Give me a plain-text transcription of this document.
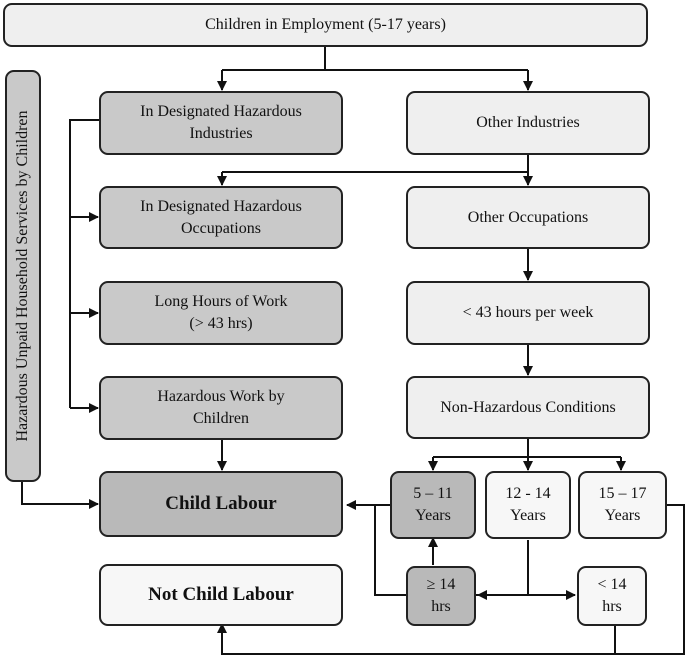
Children in Employment (5-17 years)
Hazardous Unpaid Household Services by Children	In Designated Hazardous
Industries
In Designated Hazardous
Occupations
Long Hours of Work
(> 43 hrs)
Hazardous Work by
Children
Child Labour
Not Child Labour
Other Industries
Other Occupations
< 43 hours per week
Non-Hazardous Conditions
5 – 11
Years
12 - 14
Years
15 – 17
Years
≥ 14
hrs
< 14
hrs
